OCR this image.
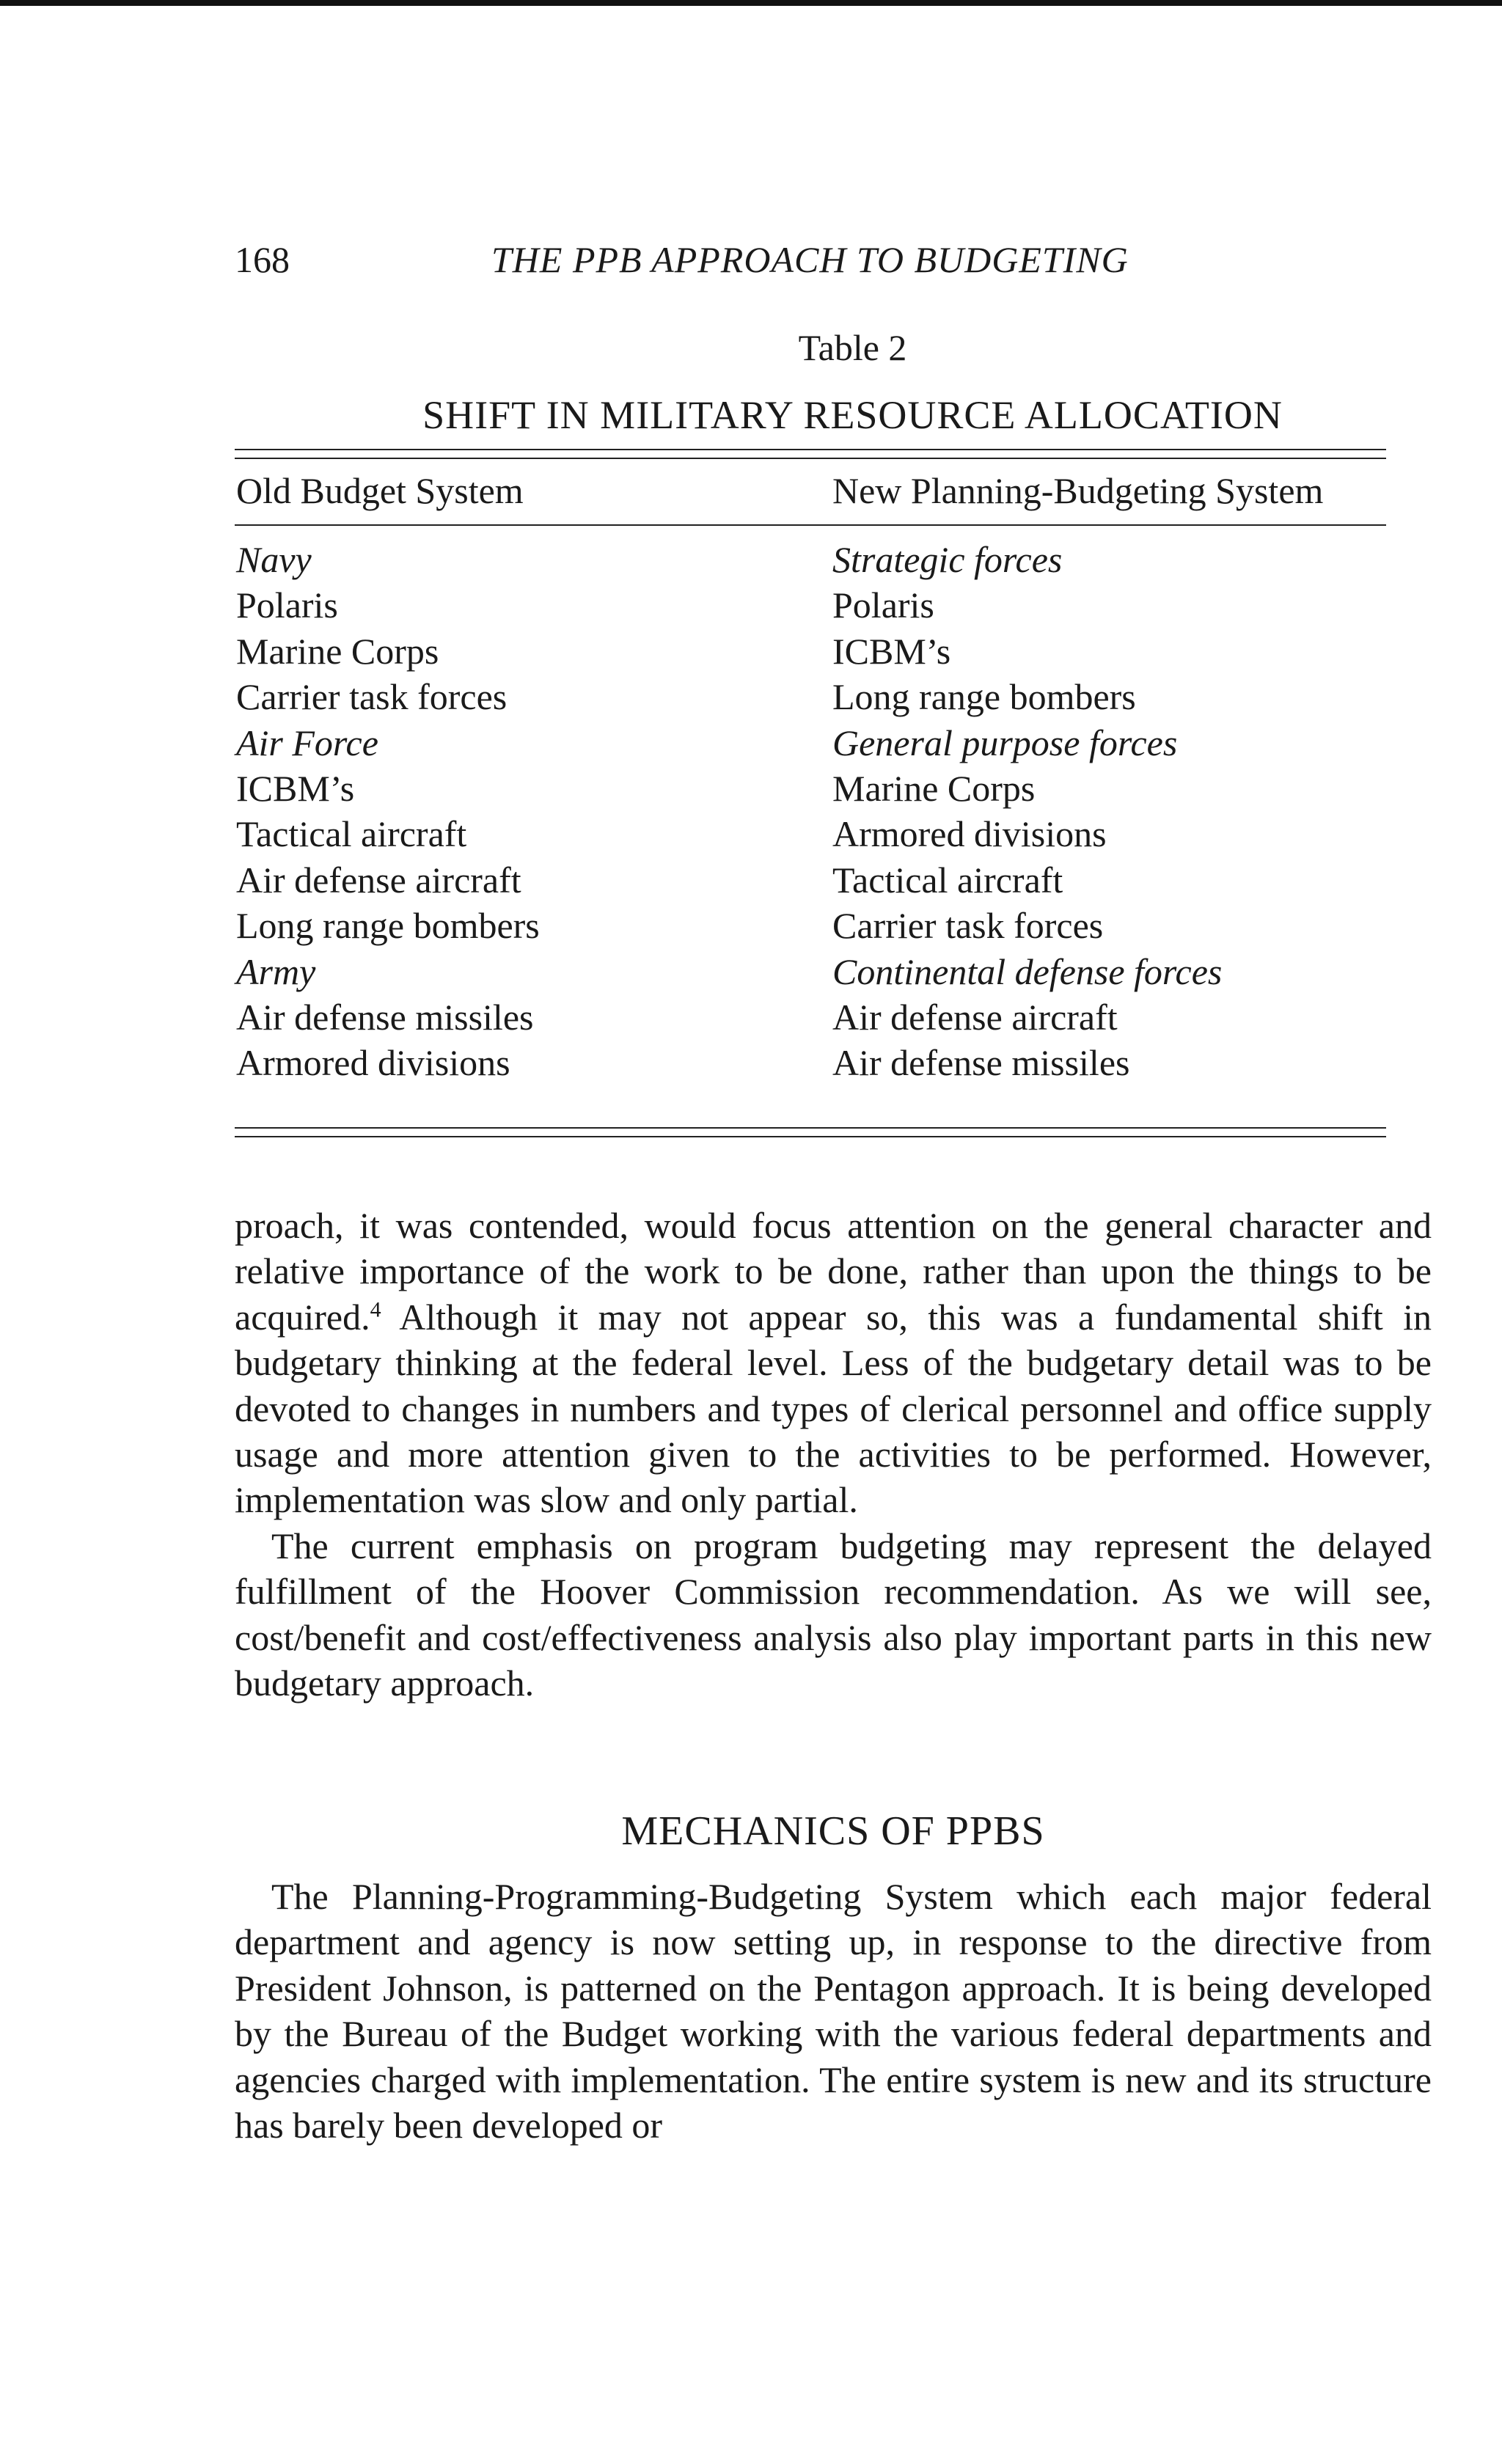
168	THE PPB APPROACH TO BUDGETING
Table 2
SHIFT IN MILITARY RESOURCE ALLOCATION
Old Budget System	New Planning-Budgeting System
Navy
Polaris
Marine Corps
Carrier task forces
Air Force
ICBM’s
Tactical aircraft
Air defense aircraft
Long range bombers
Army
Air defense missiles
Armored divisions
Strategic forces
Polaris
ICBM’s
Long range bombers
General purpose forces
Marine Corps
Armored divisions
Tactical aircraft
Carrier task forces
Continental defense forces
Air defense aircraft
Air defense missiles

proach, it was contended, would focus attention on the general character and relative importance of the work to be done, rather than upon the things to be acquired.$^4$ Although it may not appear so, this was a fundamental shift in budgetary thinking at the federal level. Less of the budgetary detail was to be devoted to changes in numbers and types of clerical personnel and office supply usage and more attention given to the activities to be performed. However, implementation was slow and only partial.

The current emphasis on program budgeting may represent the delayed fulfillment of the Hoover Commission recommendation. As we will see, cost/benefit and cost/effectiveness analysis also play important parts in this new budgetary approach.

MECHANICS OF PPBS

The Planning-Programming-Budgeting System which each major federal department and agency is now setting up, in response to the directive from President Johnson, is patterned on the Pentagon approach. It is being developed by the Bureau of the Budget working with the various federal departments and agencies charged with implementation. The entire system is new and its structure has barely been developed or
